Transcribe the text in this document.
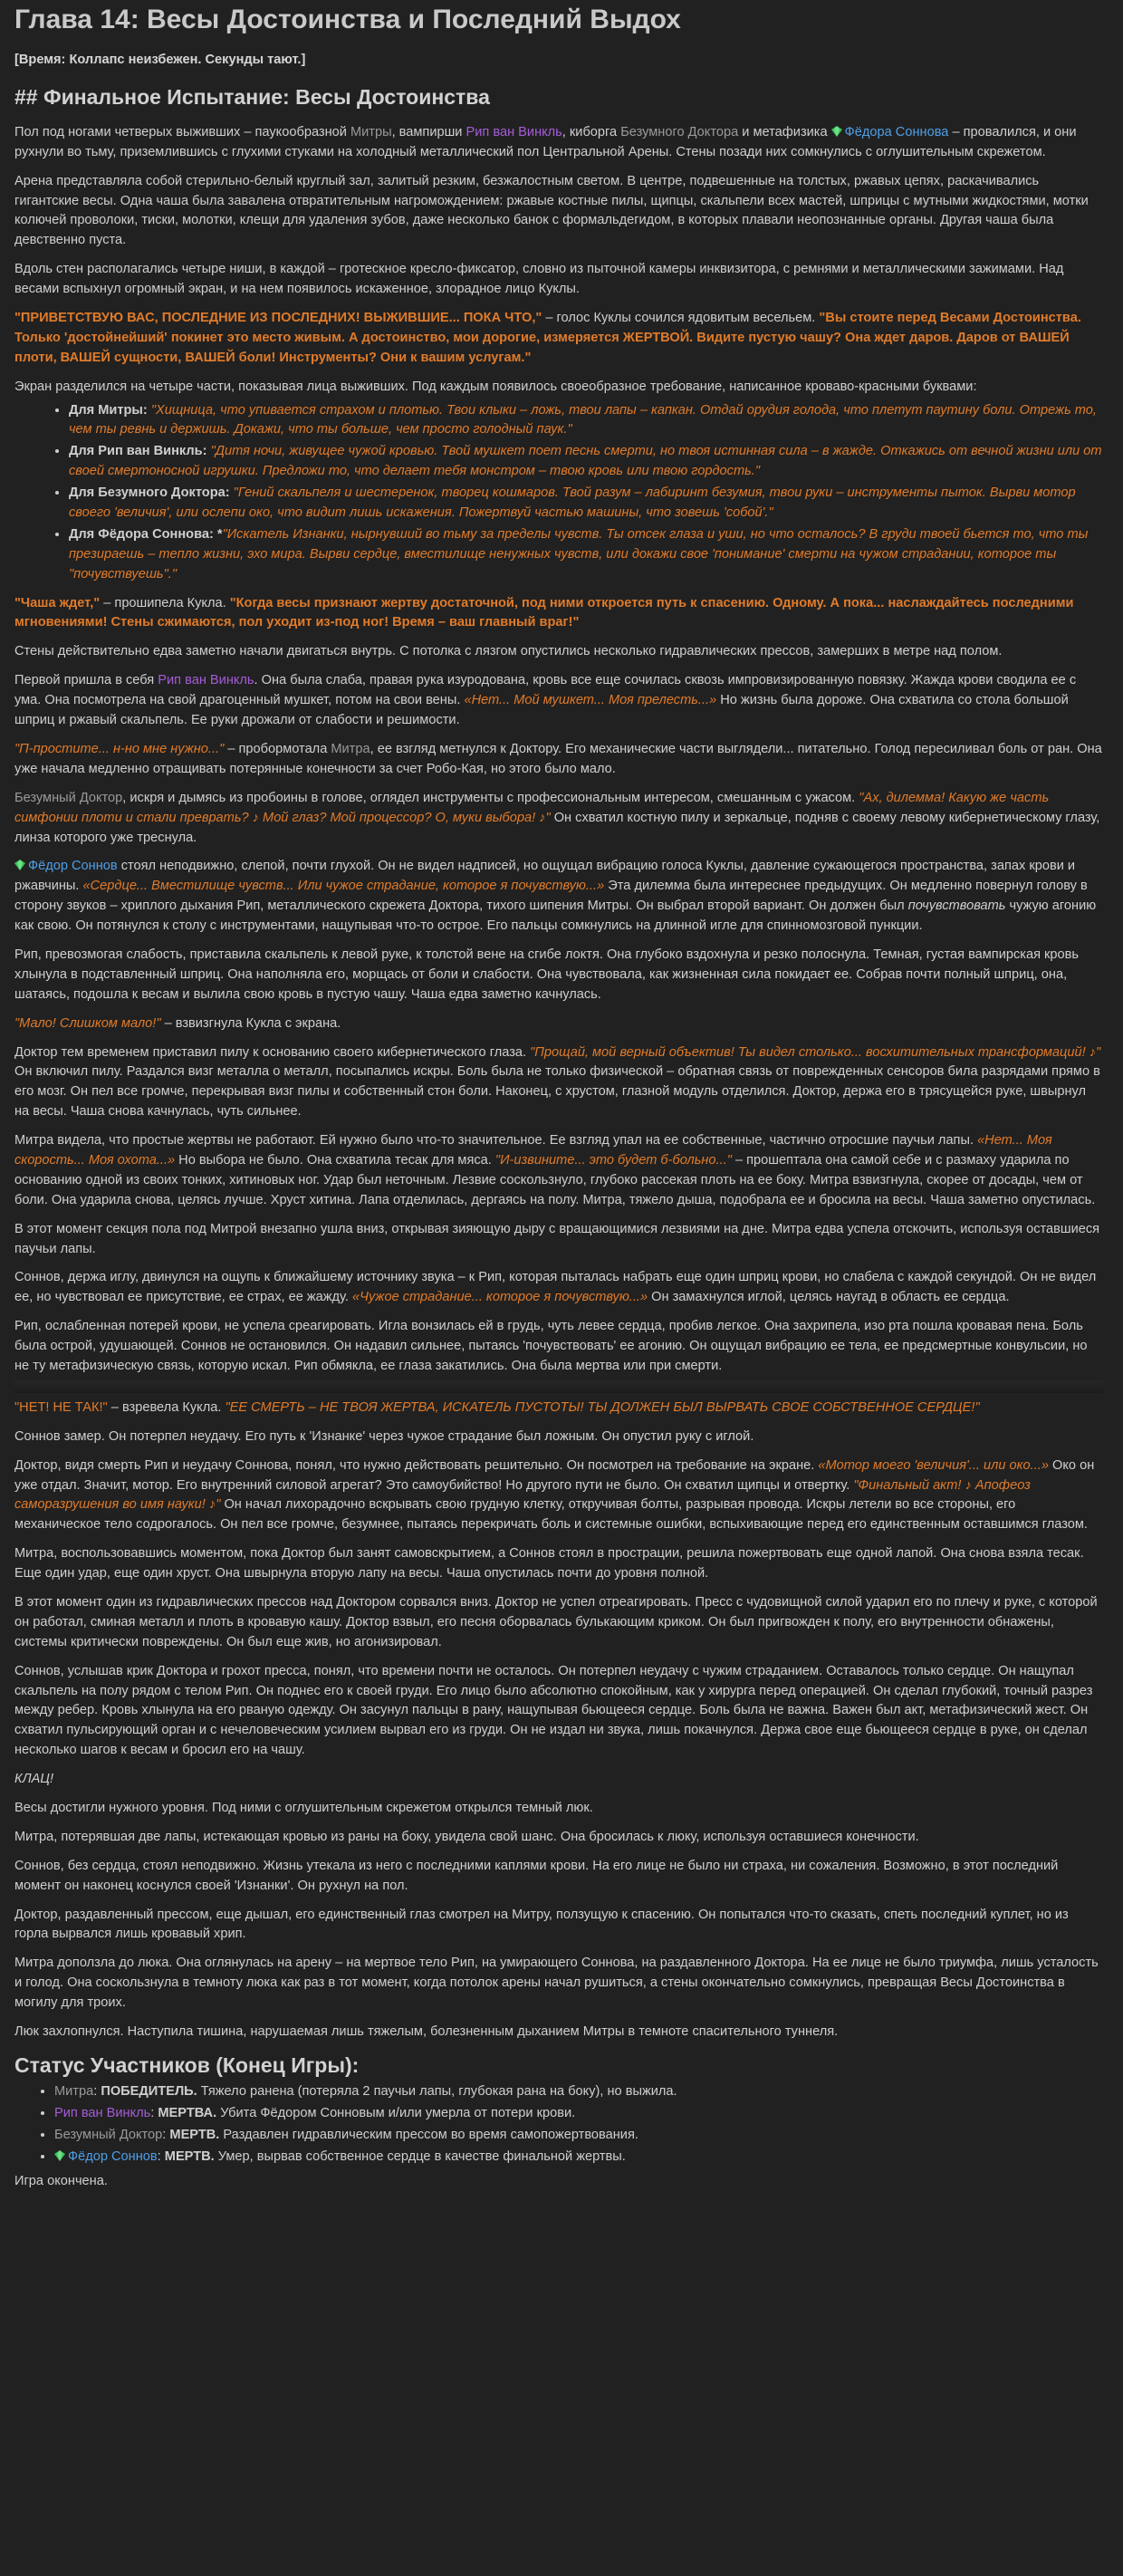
Глава 14: Весы Достоинства и Последний Выдох

[Время: Коллапс неизбежен. Секунды тают.]

## Финальное Испытание: Весы Достоинства

Пол под ногами четверых выживших – паукообразной Митры, вампирши Рип ван Винкль, киборга Безумного Доктора и метафизика Фёдора Соннова – провалился, и они рухнули во тьму, приземлившись с глухими стуками на холодный металлический пол Центральной Арены. Стены позади них сомкнулись с оглушительным скрежетом.

Арена представляла собой стерильно-белый круглый зал, залитый резким, безжалостным светом. В центре, подвешенные на толстых, ржавых цепях, раскачивались гигантские весы. Одна чаша была завалена отвратительным нагромождением: ржавые костные пилы, щипцы, скальпели всех мастей, шприцы с мутными жидкостями, мотки колючей проволоки, тиски, молотки, клещи для удаления зубов, даже несколько банок с формальдегидом, в которых плавали неопознанные органы. Другая чаша была девственно пуста.

Вдоль стен располагались четыре ниши, в каждой – гротескное кресло-фиксатор, словно из пыточной камеры инквизитора, с ремнями и металлическими зажимами. Над весами вспыхнул огромный экран, и на нем появилось искаженное, злорадное лицо Куклы.

"ПРИВЕТСТВУЮ ВАС, ПОСЛЕДНИЕ ИЗ ПОСЛЕДНИХ! ВЫЖИВШИЕ... ПОКА ЧТО," – голос Куклы сочился ядовитым весельем. "Вы стоите перед Весами Достоинства. Только 'достойнейший' покинет это место живым. А достоинство, мои дорогие, измеряется ЖЕРТВОЙ. Видите пустую чашу? Она ждет даров. Даров от ВАШЕЙ плоти, ВАШЕЙ сущности, ВАШЕЙ боли! Инструменты? Они к вашим услугам."

Экран разделился на четыре части, показывая лица выживших. Под каждым появилось своеобразное требование, написанное кроваво-красными буквами:

• Для Митры: "Хищница, что упивается страхом и плотью. Твои клыки – ложь, твои лапы – капкан. Отдай орудия голода, что плетут паутину боли. Отрежь то, чем ты ревнь и держишь. Докажи, что ты больше, чем просто голодный паук."
• Для Рип ван Винкль: "Дитя ночи, живущее чужой кровью. Твой мушкет поет песнь смерти, но твоя истинная сила – в жажде. Откажись от вечной жизни или от своей смертоносной игрушки. Предложи то, что делает тебя монстром – твою кровь или твою гордость."
• Для Безумного Доктора: "Гений скальпеля и шестеренок, творец кошмаров. Твой разум – лабиринт безумия, твои руки – инструменты пыток. Вырви мотор своего 'величия', или ослепи око, что видит лишь искажения. Пожертвуй частью машины, что зовешь 'собой'."
• Для Фёдора Соннова: *"Искатель Изнанки, нырнувший во тьму за пределы чувств. Ты отсек глаза и уши, но что осталось? В груди твоей бьется то, что ты презираешь – тепло жизни, эхо мира. Вырви сердце, вместилище ненужных чувств, или докажи свое 'понимание' смерти на чужом страдании, которое ты "почувствуешь"."

"Чаша ждет," – прошипела Кукла. "Когда весы признают жертву достаточной, под ними откроется путь к спасению. Одному. А пока... наслаждайтесь последними мгновениями! Стены сжимаются, пол уходит из-под ног! Время – ваш главный враг!"

Стены действительно едва заметно начали двигаться внутрь. С потолка с лязгом опустились несколько гидравлических прессов, замерших в метре над полом.

Первой пришла в себя Рип ван Винкль. Она была слаба, правая рука изуродована, кровь все еще сочилась сквозь импровизированную повязку. Жажда крови сводила ее с ума. Она посмотрела на свой драгоценный мушкет, потом на свои вены. «Нет... Мой мушкет... Моя прелесть...» Но жизнь была дороже. Она схватила со стола большой шприц и ржавый скальпель. Ее руки дрожали от слабости и решимости.

"П-простите... н-но мне нужно..." – пробормотала Митра, ее взгляд метнулся к Доктору. Его механические части выглядели... питательно. Голод пересиливал боль от ран. Она уже начала медленно отращивать потерянные конечности за счет Робо-Кая, но этого было мало.

Безумный Доктор, искря и дымясь из пробоины в голове, оглядел инструменты с профессиональным интересом, смешанным с ужасом. "Ах, дилемма! Какую же часть симфонии плоти и стали преврать? ♪ Мой глаз? Мой процессор? О, муки выбора! ♪" Он схватил костную пилу и зеркальце, подняв с своему левому кибернетическому глазу, линза которого уже треснула.

Фёдор Соннов стоял неподвижно, слепой, почти глухой. Он не видел надписей, но ощущал вибрацию голоса Куклы, давление сужающегося пространства, запах крови и ржавчины. «Сердце... Вместилище чувств... Или чужое страдание, которое я почувствую...» Эта дилемма была интереснее предыдущих. Он медленно повернул голову в сторону звуков – хриплого дыхания Рип, металлического скрежета Доктора, тихого шипения Митры. Он выбрал второй вариант. Он должен был почувствовать чужую агонию как свою. Он потянулся к столу с инструментами, нащупывая что-то острое. Его пальцы сомкнулись на длинной игле для спинномозговой пункции.

Рип, превозмогая слабость, приставила скальпель к левой руке, к толстой вене на сгибе локтя. Она глубоко вздохнула и резко полоснула. Темная, густая вампирская кровь хлынула в подставленный шприц. Она наполняла его, морщась от боли и слабости. Она чувствовала, как жизненная сила покидает ее. Собрав почти полный шприц, она, шатаясь, подошла к весам и вылила свою кровь в пустую чашу. Чаша едва заметно качнулась.

"Мало! Слишком мало!" – взвизгнула Кукла с экрана.

Доктор тем временем приставил пилу к основанию своего кибернетического глаза. "Прощай, мой верный объектив! Ты видел столько... восхитительных трансформаций! ♪" Он включил пилу. Раздался визг металла о металл, посыпались искры. Боль была не только физической – обратная связь от поврежденных сенсоров била разрядами прямо в его мозг. Он пел все громче, перекрывая визг пилы и собственный стон боли. Наконец, с хрустом, глазной модуль отделился. Доктор, держа его в трясущейся руке, швырнул на весы. Чаша снова качнулась, чуть сильнее.

Митра видела, что простые жертвы не работают. Ей нужно было что-то значительное. Ее взгляд упал на ее собственные, частично отросшие паучьи лапы. «Нет... Моя скорость... Моя охота...» Но выбора не было. Она схватила тесак для мяса. "И-извините... это будет б-больно..." – прошептала она самой себе и с размаху ударила по основанию одной из своих тонких, хитиновых ног. Удар был неточным. Лезвие соскользнуло, глубоко рассекая плоть на ее боку. Митра взвизгнула, скорее от досады, чем от боли. Она ударила снова, целясь лучше. Хруст хитина. Лапа отделилась, дергаясь на полу. Митра, тяжело дыша, подобрала ее и бросила на весы. Чаша заметно опустилась.

В этот момент секция пола под Митрой внезапно ушла вниз, открывая зияющую дыру с вращающимися лезвиями на дне. Митра едва успела отскочить, используя оставшиеся паучьи лапы.

Соннов, держа иглу, двинулся на ощупь к ближайшему источнику звука – к Рип, которая пыталась набрать еще один шприц крови, но слабела с каждой секундой. Он не видел ее, но чувствовал ее присутствие, ее страх, ее жажду. «Чужое страдание... которое я почувствую...» Он замахнулся иглой, целясь наугад в область ее сердца.

Рип, ослабленная потерей крови, не успела среагировать. Игла вонзилась ей в грудь, чуть левее сердца, пробив легкое. Она захрипела, изо рта пошла кровавая пена. Боль была острой, удушающей. Соннов не остановился. Он надавил сильнее, пытаясь 'почувствовать' ее агонию. Он ощущал вибрацию ее тела, ее предсмертные конвульсии, но не ту метафизическую связь, которую искал. Рип обмякла, ее глаза закатились. Она была мертва или при смерти.

"НЕТ! НЕ ТАК!" – взревела Кукла. "ЕЕ СМЕРТЬ – НЕ ТВОЯ ЖЕРТВА, ИСКАТЕЛЬ ПУСТОТЫ! ТЫ ДОЛЖЕН БЫЛ ВЫРВАТЬ СВОЕ СОБСТВЕННОЕ СЕРДЦЕ!"

Соннов замер. Он потерпел неудачу. Его путь к 'Изнанке' через чужое страдание был ложным. Он опустил руку с иглой.

Доктор, видя смерть Рип и неудачу Соннова, понял, что нужно действовать решительно. Он посмотрел на требование на экране. «Мотор моего 'величия'... или око...» Око он уже отдал. Значит, мотор. Его внутренний силовой агрегат? Это самоубийство! Но другого пути не было. Он схватил щипцы и отвертку. "Финальный акт! ♪ Апофеоз саморазрушения во имя науки! ♪" Он начал лихорадочно вскрывать свою грудную клетку, откручивая болты, разрывая провода. Искры летели во все стороны, его механическое тело содрогалось. Он пел все громче, безумнее, пытаясь перекричать боль и системные ошибки, вспыхивающие перед его единственным оставшимся глазом.

Митра, воспользовавшись моментом, пока Доктор был занят самовскрытием, а Соннов стоял в прострации, решила пожертвовать еще одной лапой. Она снова взяла тесак. Еще один удар, еще один хруст. Она швырнула вторую лапу на весы. Чаша опустилась почти до уровня полной.

В этот момент один из гидравлических прессов над Доктором сорвался вниз. Доктор не успел отреагировать. Пресс с чудовищной силой ударил его по плечу и руке, с которой он работал, сминая металл и плоть в кровавую кашу. Доктор взвыл, его песня оборвалась булькающим криком. Он был пригвожден к полу, его внутренности обнажены, системы критически повреждены. Он был еще жив, но агонизировал.

Соннов, услышав крик Доктора и грохот пресса, понял, что времени почти не осталось. Он потерпел неудачу с чужим страданием. Оставалось только сердце. Он нащупал скальпель на полу рядом с телом Рип. Он поднес его к своей груди. Его лицо было абсолютно спокойным, как у хирурга перед операцией. Он сделал глубокий, точный разрез между ребер. Кровь хлынула на его рваную одежду. Он засунул пальцы в рану, нащупывая бьющееся сердце. Боль была не важна. Важен был акт, метафизический жест. Он схватил пульсирующий орган и с нечеловеческим усилием вырвал его из груди. Он не издал ни звука, лишь покачнулся. Держа свое еще бьющееся сердце в руке, он сделал несколько шагов к весам и бросил его на чашу.

КЛАЦ!

Весы достигли нужного уровня. Под ними с оглушительным скрежетом открылся темный люк.

Митра, потерявшая две лапы, истекающая кровью из раны на боку, увидела свой шанс. Она бросилась к люку, используя оставшиеся конечности.

Соннов, без сердца, стоял неподвижно. Жизнь утекала из него с последними каплями крови. На его лице не было ни страха, ни сожаления. Возможно, в этот последний момент он наконец коснулся своей 'Изнанки'. Он рухнул на пол.

Доктор, раздавленный прессом, еще дышал, его единственный глаз смотрел на Митру, ползущую к спасению. Он попытался что-то сказать, спеть последний куплет, но из горла вырвался лишь кровавый хрип.

Митра доползла до люка. Она оглянулась на арену – на мертвое тело Рип, на умирающего Соннова, на раздавленного Доктора. На ее лице не было триумфа, лишь усталость и голод. Она соскользнула в темноту люка как раз в тот момент, когда потолок арены начал рушиться, а стены окончательно сомкнулись, превращая Весы Достоинства в могилу для троих.

Люк захлопнулся. Наступила тишина, нарушаемая лишь тяжелым, болезненным дыханием Митры в темноте спасительного туннеля.

Статус Участников (Конец Игры):
• Митра: ПОБЕДИТЕЛЬ. Тяжело ранена (потеряла 2 паучьи лапы, глубокая рана на боку), но выжила.
• Рип ван Винкль: МЕРТВА. Убита Фёдором Сонновым и/или умерла от потери крови.
• Безумный Доктор: МЕРТВ. Раздавлен гидравлическим прессом во время самопожертвования.
• Фёдор Соннов: МЕРТВ. Умер, вырвав собственное сердце в качестве финальной жертвы.

Игра окончена.
